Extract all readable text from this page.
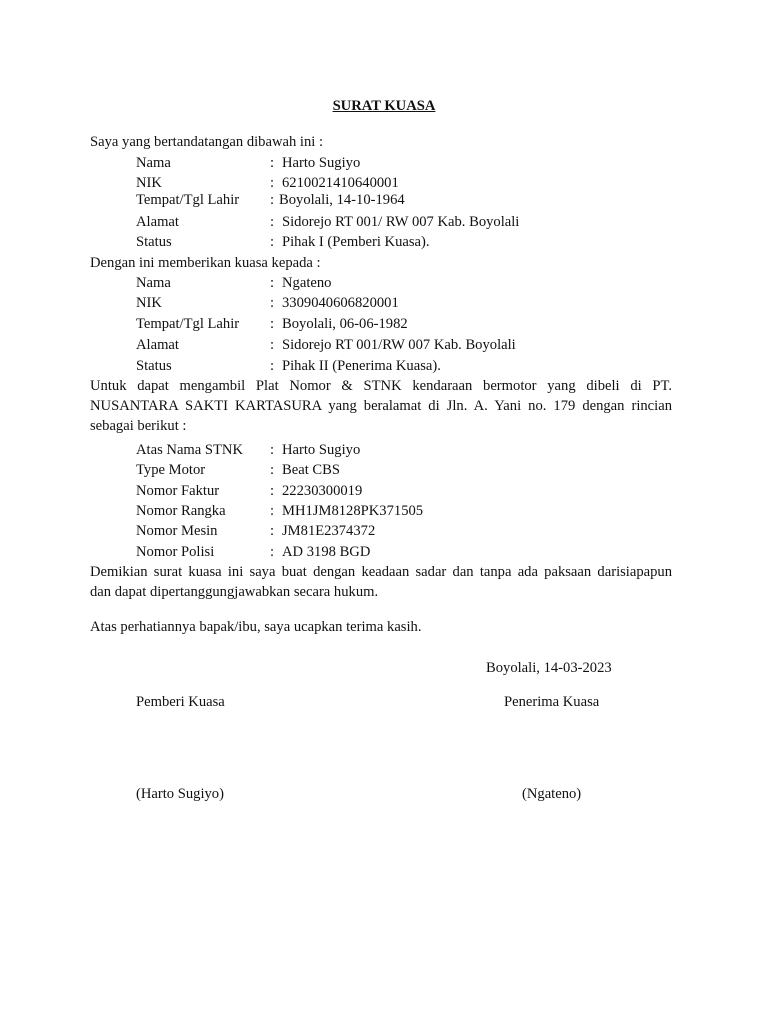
SURAT KUASA
Saya yang bertandatangan dibawah ini :
Nama	: Harto Sugiyo
NIK	: 6210021410640001
Tempat/Tgl Lahir : Boyolali, 14-10-1964
Alamat	: Sidorejo RT 001/ RW 007 Kab. Boyolali
Status	: Pihak I (Pemberi Kuasa).
Dengan ini memberikan kuasa kepada :
Nama	: Ngateno
NIK	: 3309040606820001
Tempat/Tgl Lahir : Boyolali, 06-06-1982
Alamat	: Sidorejo RT 001/RW 007 Kab. Boyolali
Status	: Pihak II (Penerima Kuasa).
Untuk dapat mengambil Plat Nomor & STNK kendaraan bermotor yang dibeli di PT.
NUSANTARA SAKTI KARTASURA yang beralamat di Jln. A. Yani no. 179 dengan rincian
sebagai berikut :
Atas Nama STNK : Harto Sugiyo
Type Motor	: Beat CBS
Nomor Faktur	: 22230300019
Nomor Rangka	: MH1JM8128PK371505
Nomor Mesin	: JM81E2374372
Nomor Polisi	: AD 3198 BGD
Demikian surat kuasa ini saya buat dengan keadaan sadar dan tanpa ada paksaan darisiapapun
dan dapat dipertanggungjawabkan secara hukum.
Atas perhatiannya bapak/ibu, saya ucapkan terima kasih.
Boyolali, 14-03-2023
Pemberi Kuasa	Penerima Kuasa
(Harto Sugiyo)	(Ngateno)
